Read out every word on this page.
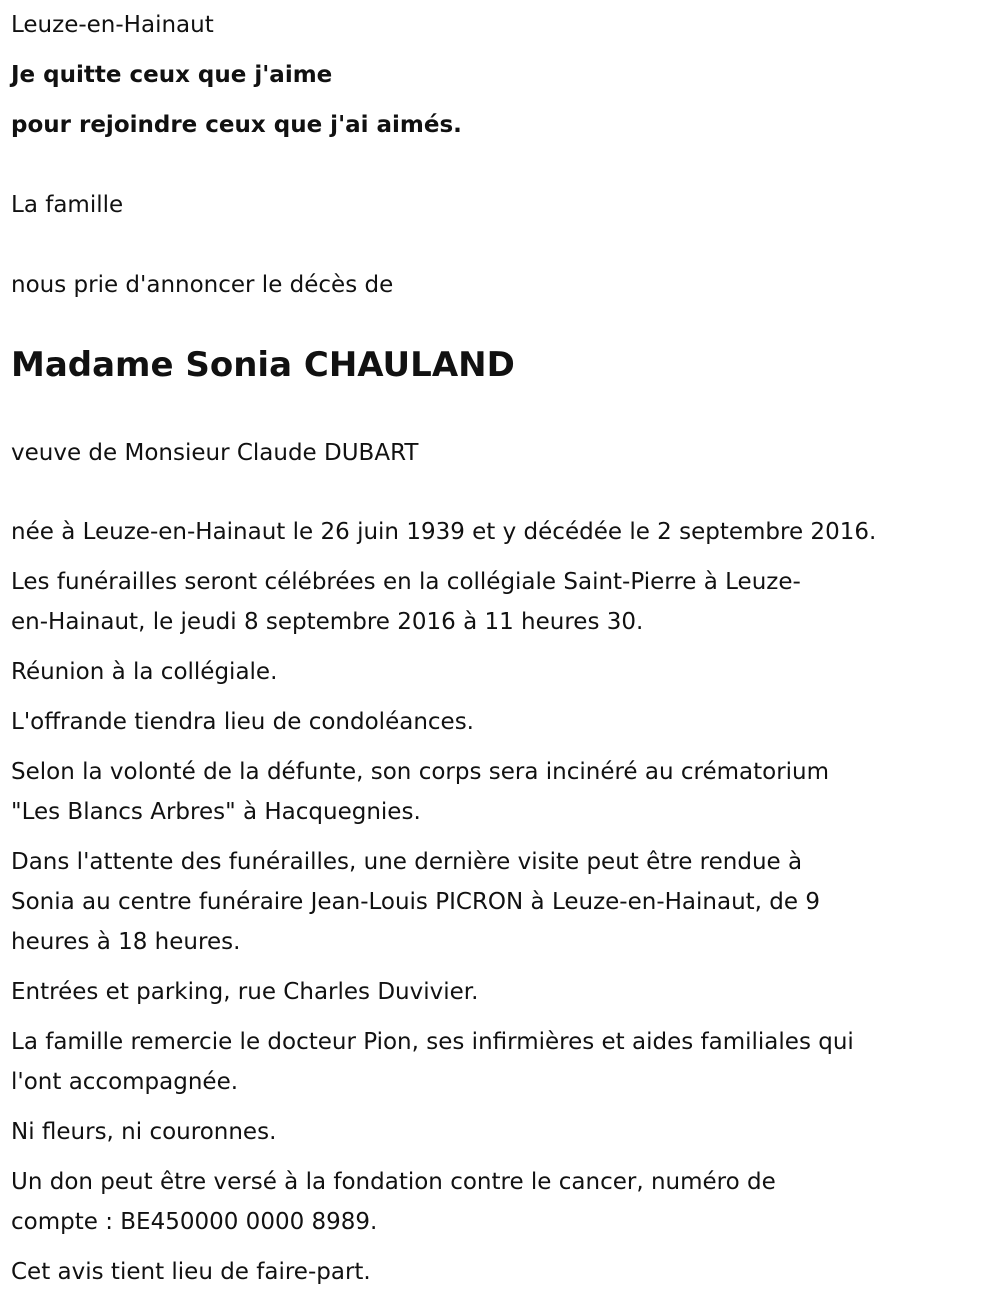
Leuze-en-Hainaut
Je quitte ceux que j'aime
pour rejoindre ceux que j'ai aimés.
La famille
nous prie d'annoncer le décès de
Madame Sonia CHAULAND
veuve de Monsieur Claude DUBART
née à Leuze-en-Hainaut le 26 juin 1939 et y décédée le 2 septembre 2016.
Les funérailles seront célébrées en la collégiale Saint-Pierre à Leuze-
en-Hainaut, le jeudi 8 septembre 2016 à 11 heures 30.
Réunion à la collégiale.
L'offrande tiendra lieu de condoléances.
Selon la volonté de la défunte, son corps sera incinéré au crématorium
"Les Blancs Arbres" à Hacquegnies.
Dans l'attente des funérailles, une dernière visite peut être rendue à
Sonia au centre funéraire Jean-Louis PICRON à Leuze-en-Hainaut, de 9
heures à 18 heures.
Entrées et parking, rue Charles Duvivier.
La famille remercie le docteur Pion, ses infirmières et aides familiales qui
l'ont accompagnée.
Ni fleurs, ni couronnes.
Un don peut être versé à la fondation contre le cancer, numéro de
compte : BE450000 0000 8989.
Cet avis tient lieu de faire-part.
